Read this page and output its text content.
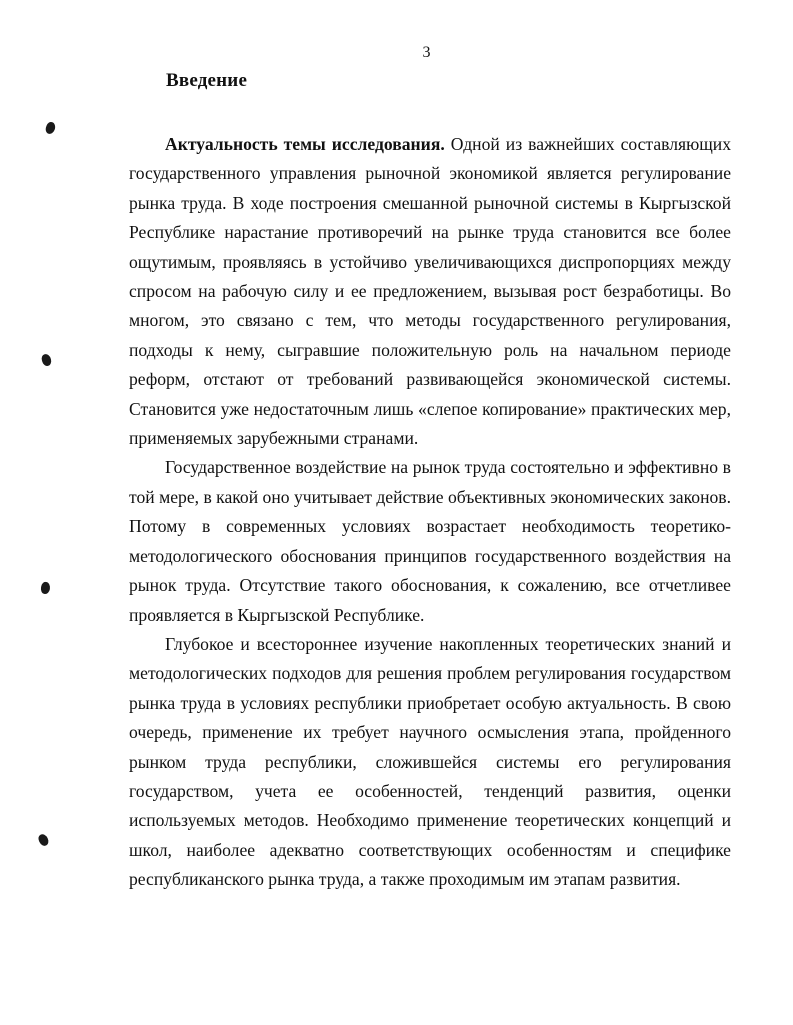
3
Введение

Актуальность темы исследования. Одной из важнейших составляющих государственного управления рыночной экономикой является регулирование рынка труда. В ходе построения смешанной рыночной системы в Кыргызской Республике нарастание противоречий на рынке труда становится все более ощутимым, проявляясь в устойчиво увеличивающихся диспропорциях между спросом на рабочую силу и ее предложением, вызывая рост безработицы. Во многом, это связано с тем, что методы государственного регулирования, подходы к нему, сыгравшие положительную роль на начальном периоде реформ, отстают от требований развивающейся экономической системы. Становится уже недостаточным лишь «слепое копирование» практических мер, применяемых зарубежными странами.

Государственное воздействие на рынок труда состоятельно и эффективно в той мере, в какой оно учитывает действие объективных экономических законов. Потому в современных условиях возрастает необходимость теоретико-методологического обоснования принципов государственного воздействия на рынок труда. Отсутствие такого обоснования, к сожалению, все отчетливее проявляется в Кыргызской Республике.

Глубокое и всестороннее изучение накопленных теоретических знаний и методологических подходов для решения проблем регулирования государством рынка труда в условиях республики приобретает особую актуальность. В свою очередь, применение их требует научного осмысления этапа, пройденного рынком труда республики, сложившейся системы его регулирования государством, учета ее особенностей, тенденций развития, оценки используемых методов. Необходимо применение теоретических концепций и школ, наиболее адекватно соответствующих особенностям и специфике республиканского рынка труда, а также проходимым им этапам развития.
